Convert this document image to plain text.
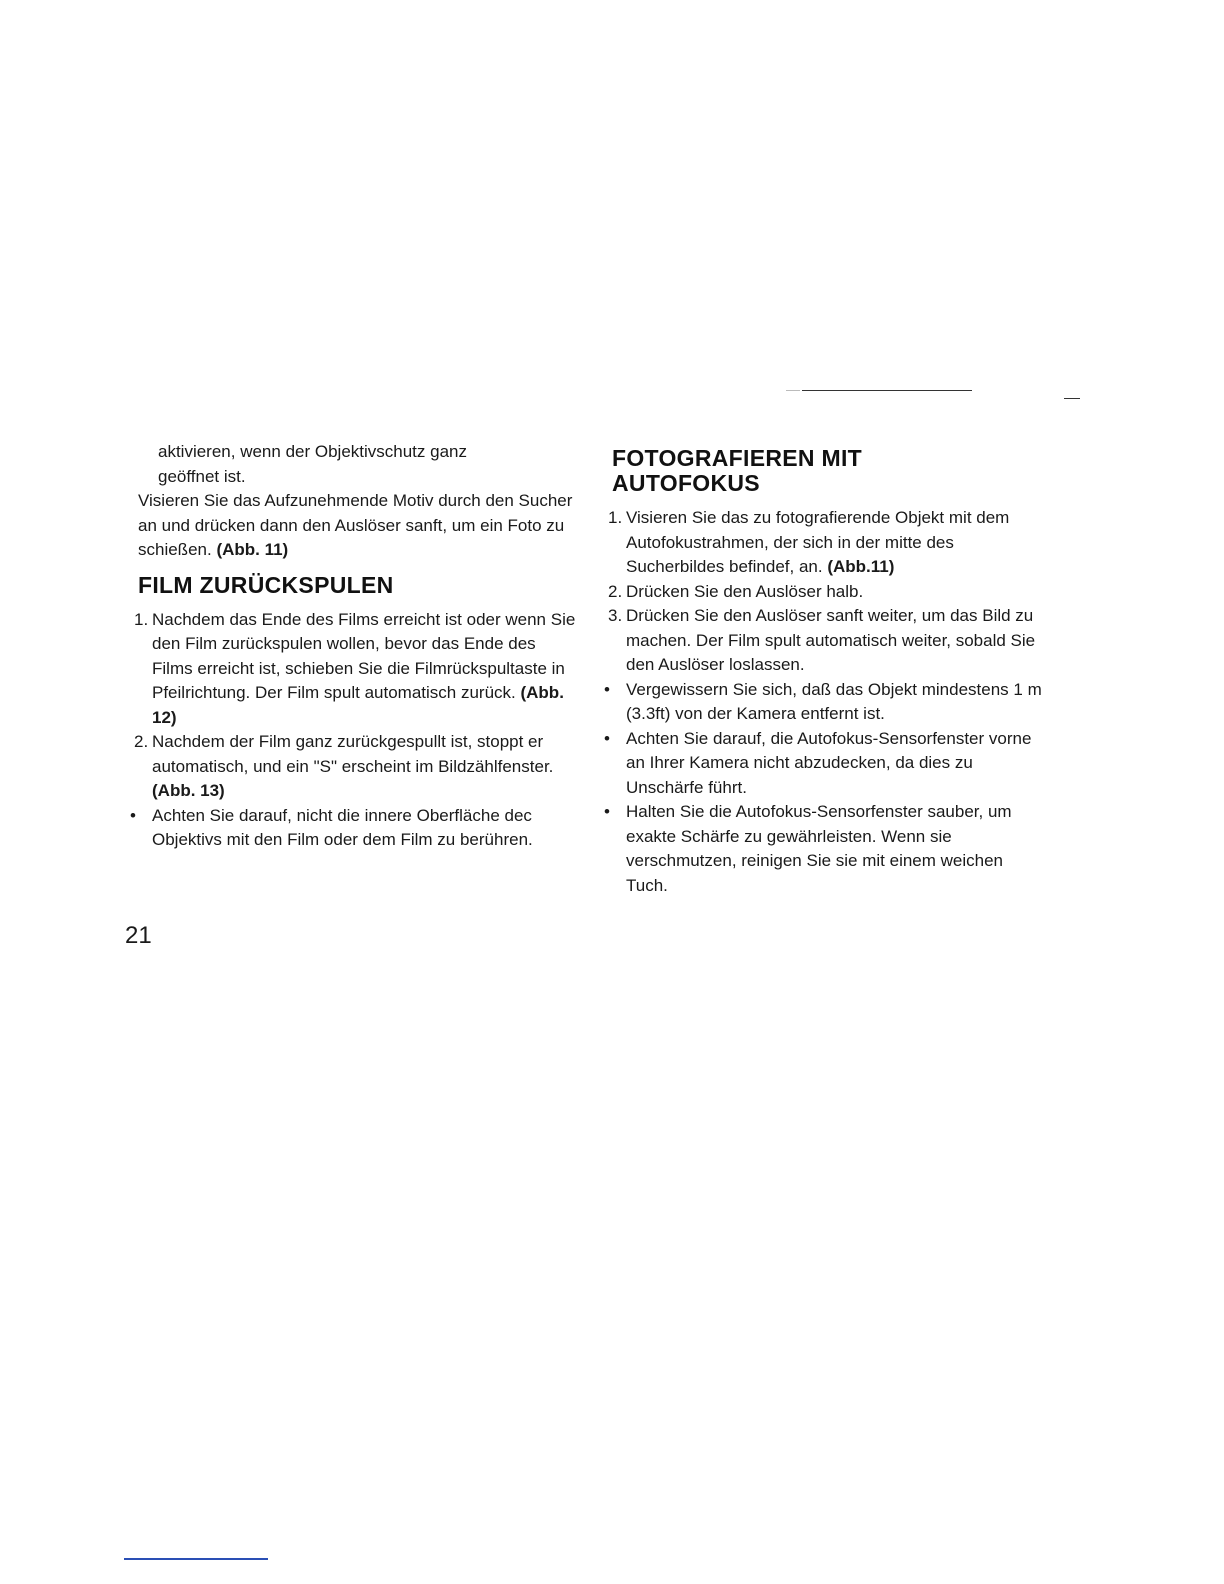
aktivieren, wenn der Objektivschutz ganz

geöffnet ist.

Visieren Sie das Aufzunehmende Motiv durch den Sucher an und drücken dann den Auslöser sanft, um ein Foto zu schießen. (Abb. 11)

FILM ZURÜCKSPULEN
1. Nachdem das Ende des Films erreicht ist oder wenn Sie den Film zurückspulen wollen, bevor das Ende des Films erreicht ist, schieben Sie die Filmrückspultaste in Pfeilrichtung. Der Film spult automatisch zurück. (Abb. 12)
2. Nachdem der Film ganz zurückgespullt ist, stoppt er automatisch, und ein "S" erscheint im Bildzählfenster. (Abb. 13)
• Achten Sie darauf, nicht die innere Oberfläche dec Objektivs mit den Film oder dem Film zu berühren.
FOTOGRAFIEREN MIT
AUTOFOKUS
1. Visieren Sie das zu fotografierende Objekt mit dem Autofokustrahmen, der sich in der mitte des Sucherbildes befindef, an. (Abb.11)
2. Drücken Sie den Auslöser halb.
3. Drücken Sie den Auslöser sanft weiter, um das Bild zu machen. Der Film spult automatisch weiter, sobald Sie den Auslöser loslassen.
• Vergewissern Sie sich, daß das Objekt mindestens 1 m (3.3ft) von der Kamera entfernt ist.
• Achten Sie darauf, die Autofokus-Sensorfenster vorne an Ihrer Kamera nicht abzudecken, da dies zu Unschärfe führt.
• Halten Sie die Autofokus-Sensorfenster sauber, um exakte Schärfe zu gewährleisten. Wenn sie verschmutzen, reinigen Sie sie mit einem weichen Tuch.
21
